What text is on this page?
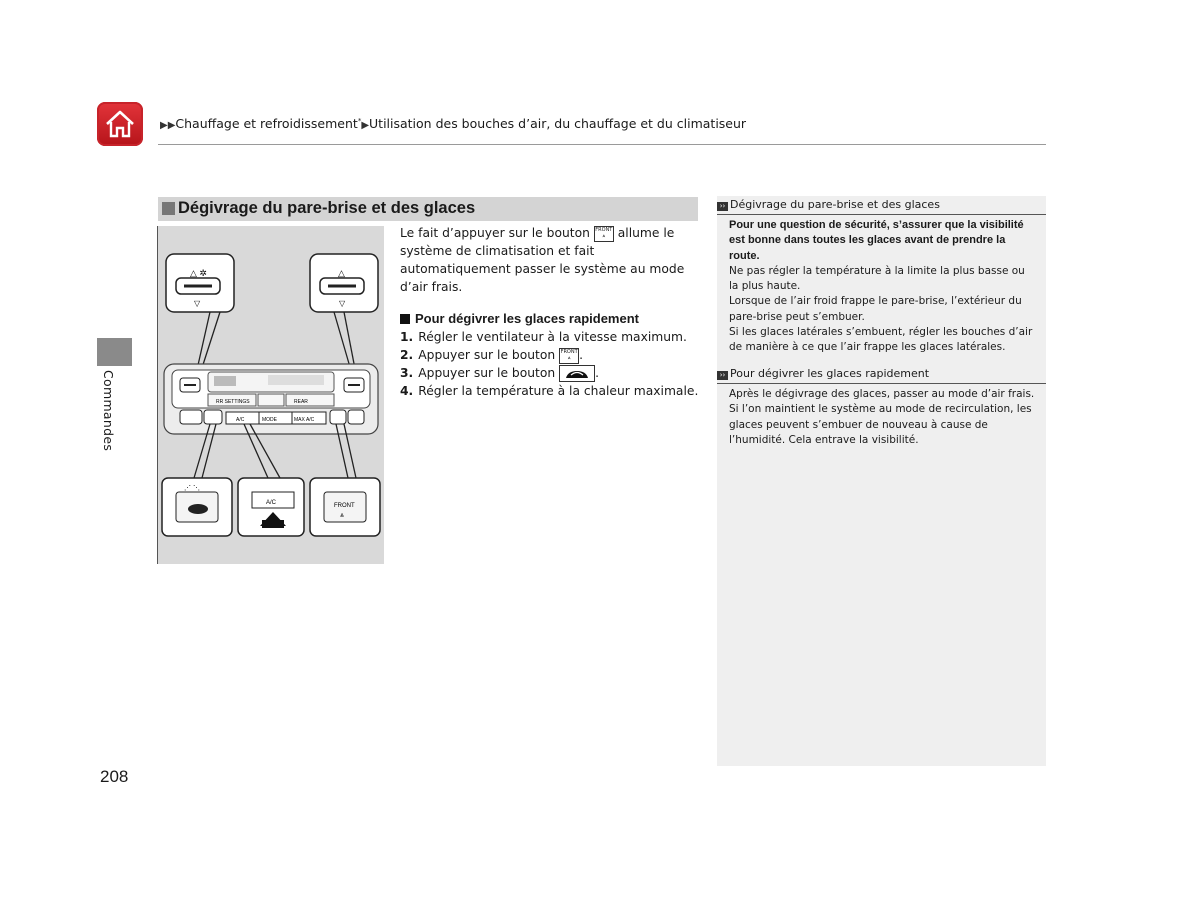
▶▶Chauffage et refroidissement*▶Utilisation des bouches d’air, du chauffage et du climatiseur
Commandes
Dégivrage du pare-brise et des glaces
△ ✲
▽
△
▽
RR SETTINGS	REAR
A/C	MODE	MAX A/C
⋰ ⋱
A/C	FRONT
⩓

Le fait d’appuyer sur le bouton FRONT
⩓ allume le système de climatisation et fait automatiquement passer le système au mode d’air frais.

Pour dégivrer les glaces rapidement

1. Régler le ventilateur à la vitesse maximum.
2. Appuyer sur le bouton FRONT
⩓ .
3. Appuyer sur le bouton	.
4. Régler la température à la chaleur maximale.
›› Dégivrage du pare-brise et des glaces

Pour une question de sécurité, s’assurer que la visibilité est bonne dans toutes les glaces avant de prendre la route.

Ne pas régler la température à la limite la plus basse ou la plus haute.

Lorsque de l’air froid frappe le pare-brise, l’extérieur du pare-brise peut s’embuer.

Si les glaces latérales s’embuent, régler les bouches d’air de manière à ce que l’air frappe les glaces latérales.

›› Pour dégivrer les glaces rapidement

Après le dégivrage des glaces, passer au mode d’air frais.

Si l’on maintient le système au mode de recirculation, les glaces peuvent s’embuer de nouveau à cause de l’humidité. Cela entrave la visibilité.

208
